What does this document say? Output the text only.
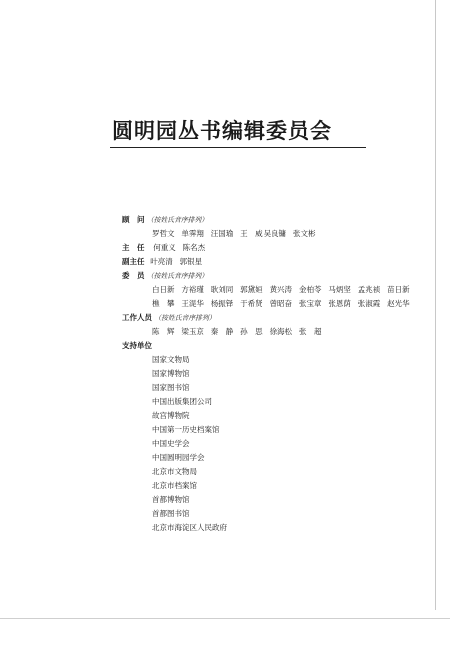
圆明园丛书编辑委员会
顾　问 （按姓氏音序排列）
罗哲文 单霁翔 汪国瑜 王　威 吴良镛 张文彬
主　任 何重义 陈名杰
副主任 叶亮清 郭银星
委　员 （按姓氏音序排列）
白日新 方裕瑾 耿刘同 郭黛姮 黄兴涛 金柏苓 马炳坚 孟兆祯 苗日新
樵　攀 王湜华 杨振铎 于希贤 曾昭奋 张宝章 张恩荫 张淑霞 赵光华
工作人员 （按姓氏音序排列）
陈　辉 梁玉京 秦　静 孙　思 徐海松 张　超
支持单位
国家文物局
国家博物馆
国家图书馆
中国出版集团公司
故宫博物院
中国第一历史档案馆
中国史学会
中国圆明园学会
北京市文物局
北京市档案馆
首都博物馆
首都图书馆
北京市海淀区人民政府
